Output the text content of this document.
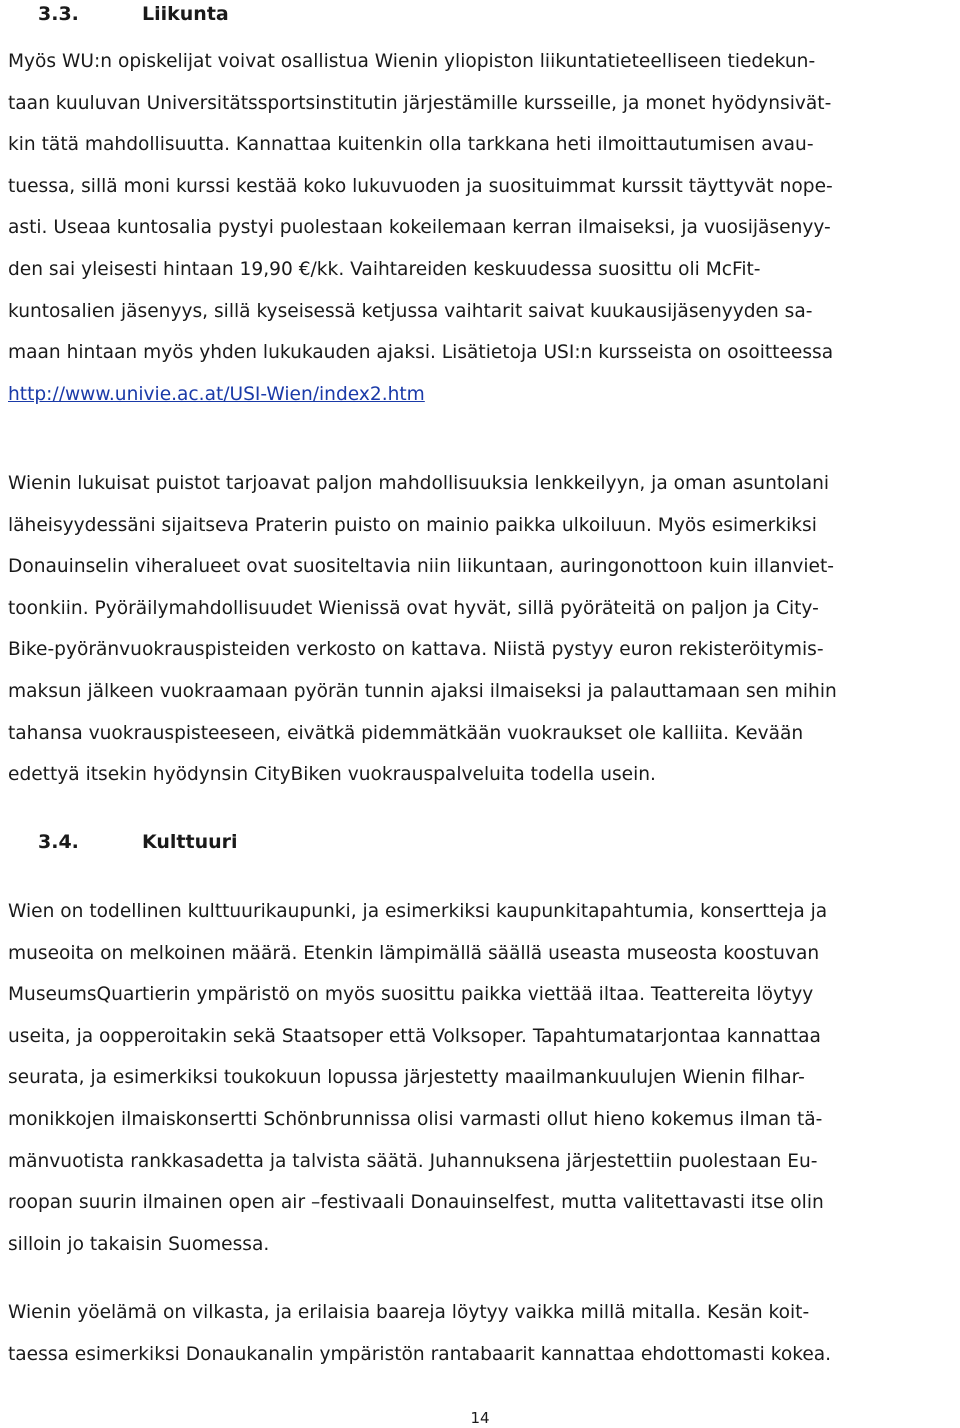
3.3.	Liikunta

Myös WU:n opiskelijat voivat osallistua Wienin yliopiston liikuntatieteelliseen tiedekun-
taan kuuluvan Universitätssportsinstitutin järjestämille kursseille, ja monet hyödynsivät-
kin tätä mahdollisuutta. Kannattaa kuitenkin olla tarkkana heti ilmoittautumisen avau-
tuessa, sillä moni kurssi kestää koko lukuvuoden ja suosituimmat kurssit täyttyvät nope-
asti. Useaa kuntosalia pystyi puolestaan kokeilemaan kerran ilmaiseksi, ja vuosijäsenyy-
den sai yleisesti hintaan 19,90 €/kk. Vaihtareiden keskuudessa suosittu oli McFit-
kuntosalien jäsenyys, sillä kyseisessä ketjussa vaihtarit saivat kuukausijäsenyyden sa-
maan hintaan myös yhden lukukauden ajaksi. Lisätietoja USI:n kursseista on osoitteessa
http://www.univie.ac.at/USI-Wien/index2.htm

Wienin lukuisat puistot tarjoavat paljon mahdollisuuksia lenkkeilyyn, ja oman asuntolani
läheisyydessäni sijaitseva Praterin puisto on mainio paikka ulkoiluun. Myös esimerkiksi
Donauinselin viheralueet ovat suositeltavia niin liikuntaan, auringonottoon kuin illanviet-
toonkiin. Pyöräilymahdollisuudet Wienissä ovat hyvät, sillä pyöräteitä on paljon ja City-
Bike-pyöränvuokrauspisteiden verkosto on kattava. Niistä pystyy euron rekisteröitymis-
maksun jälkeen vuokraamaan pyörän tunnin ajaksi ilmaiseksi ja palauttamaan sen mihin
tahansa vuokrauspisteeseen, eivätkä pidemmätkään vuokraukset ole kalliita. Kevään
edettyä itsekin hyödynsin CityBiken vuokrauspalveluita todella usein.

3.4.	Kulttuuri

Wien on todellinen kulttuurikaupunki, ja esimerkiksi kaupunkitapahtumia, konsertteja ja
museoita on melkoinen määrä. Etenkin lämpimällä säällä useasta museosta koostuvan
MuseumsQuartierin ympäristö on myös suosittu paikka viettää iltaa. Teattereita löytyy
useita, ja oopperoitakin sekä Staatsoper että Volksoper. Tapahtumatarjontaa kannattaa
seurata, ja esimerkiksi toukokuun lopussa järjestetty maailmankuulujen Wienin filhar-
monikkojen ilmaiskonsertti Schönbrunnissa olisi varmasti ollut hieno kokemus ilman tä-
mänvuotista rankkasadetta ja talvista säätä. Juhannuksena järjestettiin puolestaan Eu-
roopan suurin ilmainen open air –festivaali Donauinselfest, mutta valitettavasti itse olin
silloin jo takaisin Suomessa.

Wienin yöelämä on vilkasta, ja erilaisia baareja löytyy vaikka millä mitalla. Kesän koit-
taessa esimerkiksi Donaukanalin ympäristön rantabaarit kannattaa ehdottomasti kokea.

14
